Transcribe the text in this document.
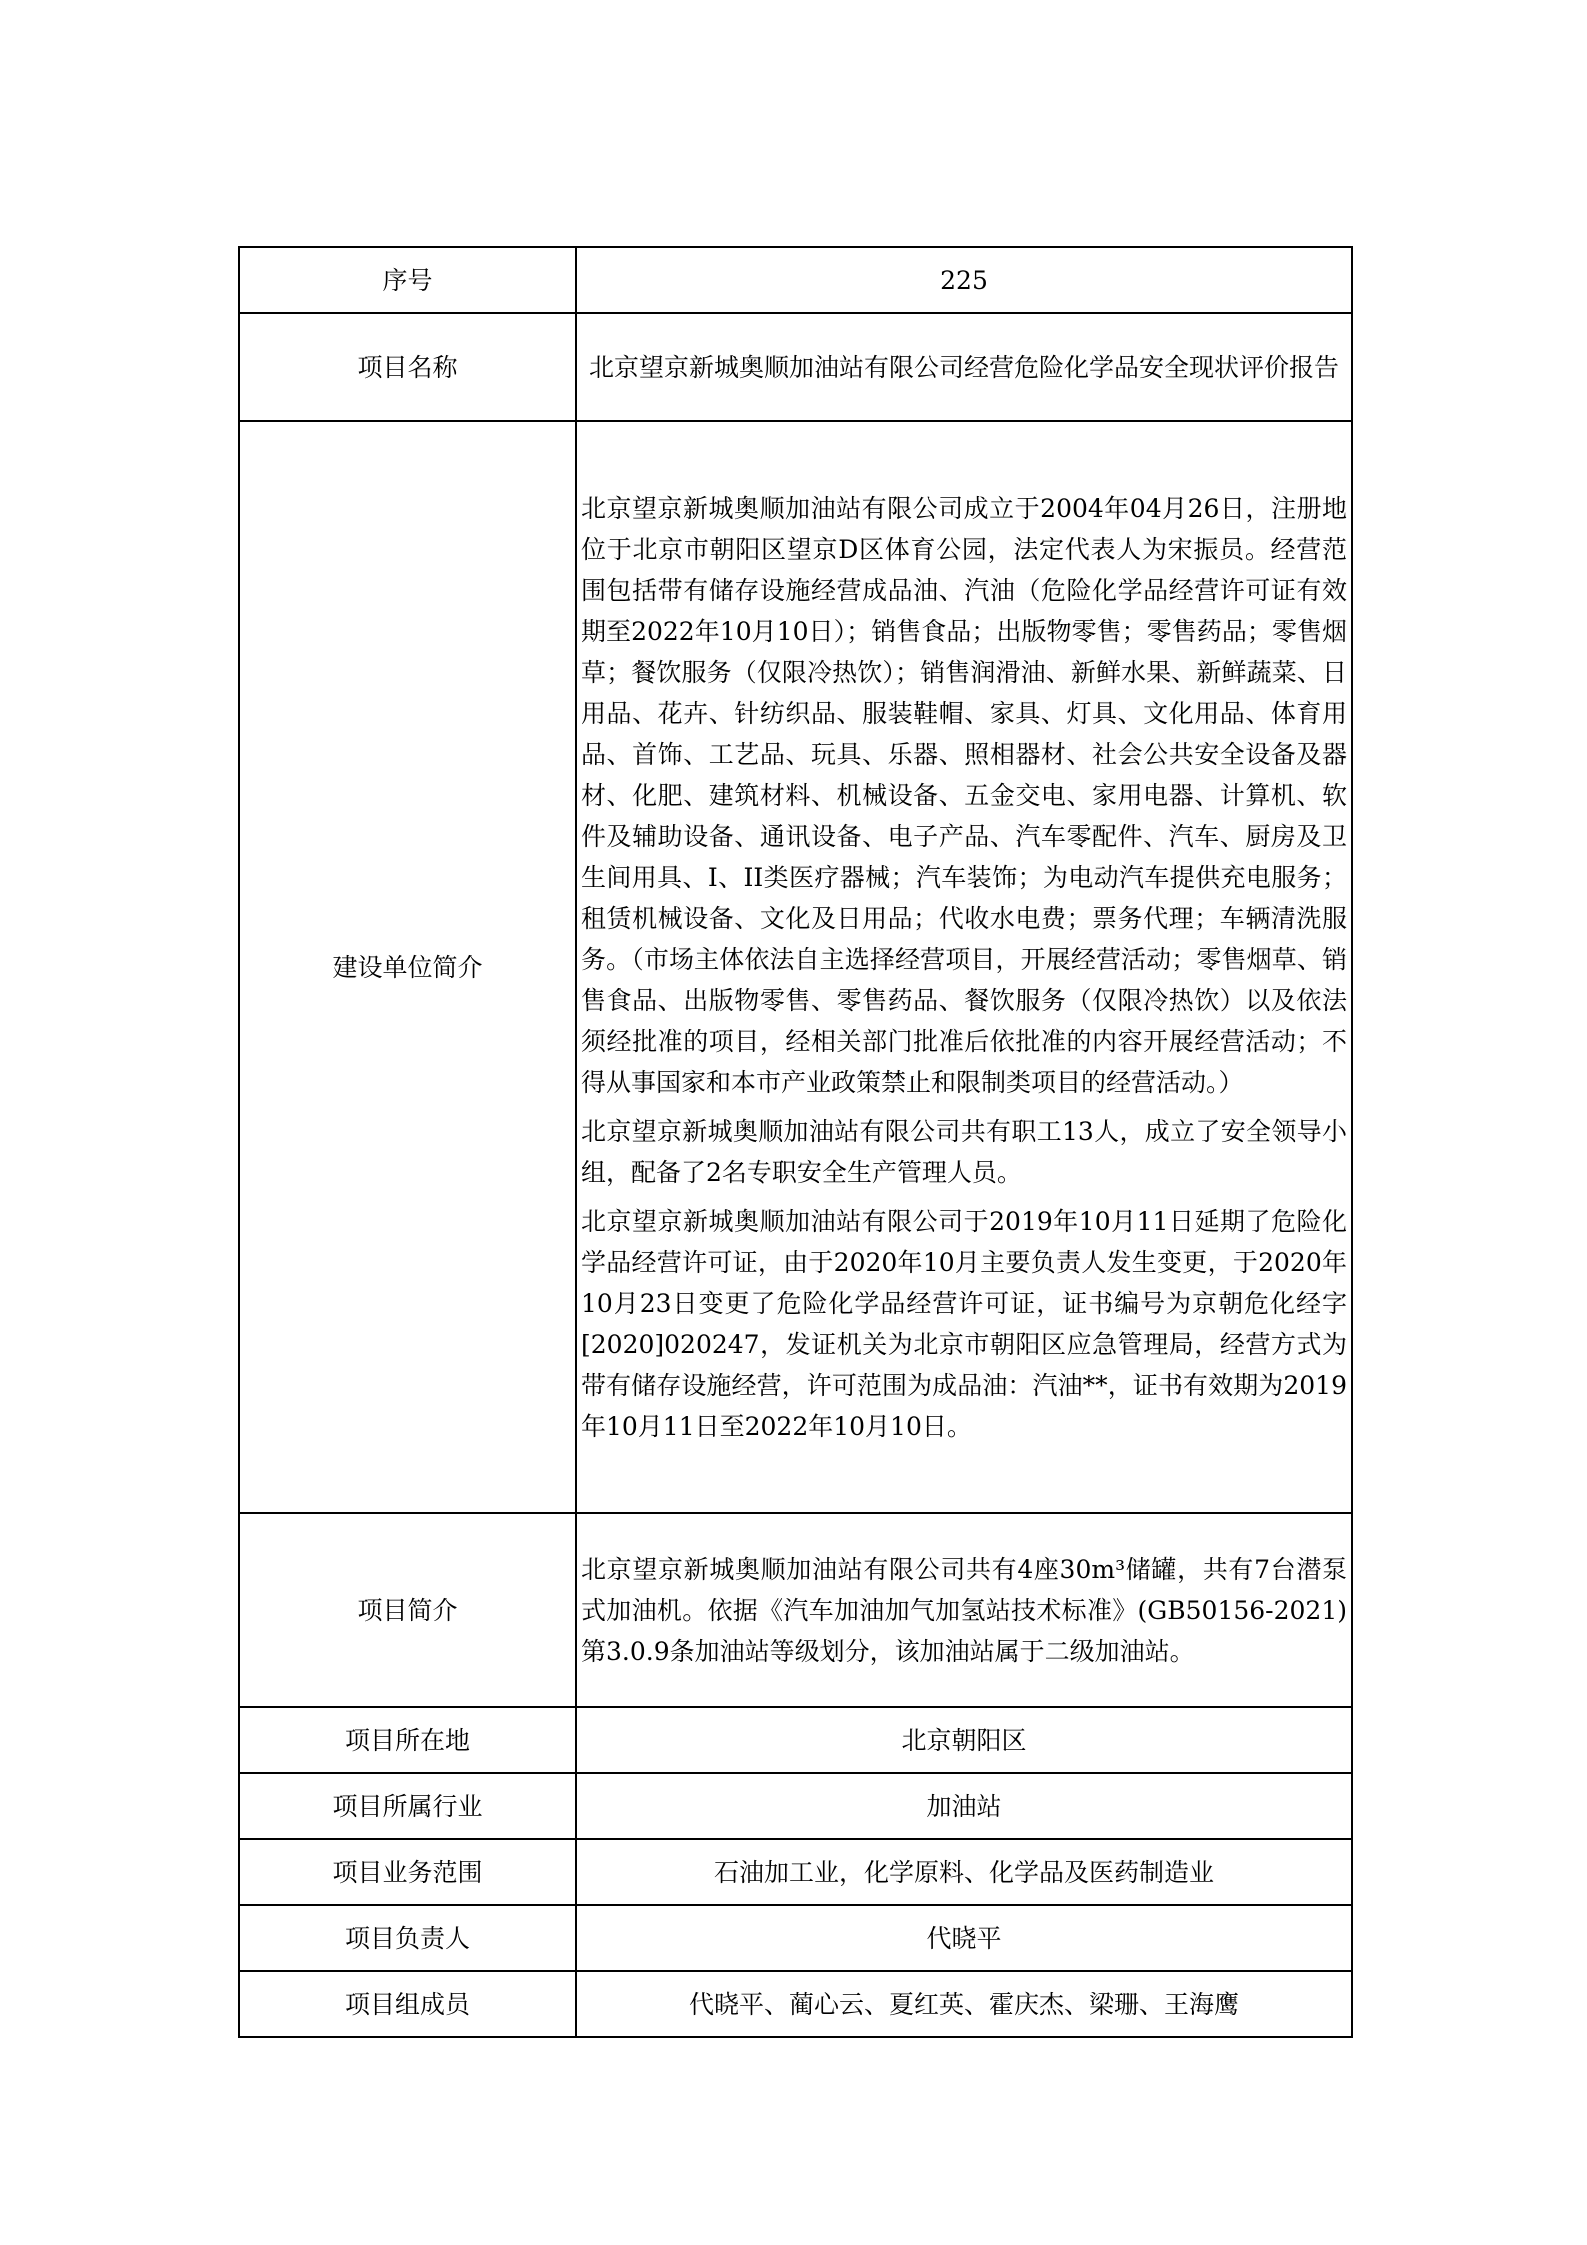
序号	225
项目名称	北京望京新城奥顺加油站有限公司经营危险化学品安全现状评价报告
建设单位简介	北京望京新城奥顺加油站有限公司成立于2004年04月26日，注册地位于北京市朝阳区望京D区体育公园，法定代表人为宋振员。经营范围包括带有储存设施经营成品油、汽油（危险化学品经营许可证有效期至2022年10月10日）；销售食品；出版物零售；零售药品；零售烟草；餐饮服务（仅限冷热饮）；销售润滑油、新鲜水果、新鲜蔬菜、日用品、花卉、针纺织品、服装鞋帽、家具、灯具、文化用品、体育用品、首饰、工艺品、玩具、乐器、照相器材、社会公共安全设备及器材、化肥、建筑材料、机械设备、五金交电、家用电器、计算机、软件及辅助设备、通讯设备、电子产品、汽车零配件、汽车、厨房及卫生间用具、I、II类医疗器械；汽车装饰；为电动汽车提供充电服务；租赁机械设备、文化及日用品；代收水电费；票务代理；车辆清洗服务。（市场主体依法自主选择经营项目，开展经营活动；零售烟草、销售食品、出版物零售、零售药品、餐饮服务（仅限冷热饮）以及依法须经批准的项目，经相关部门批准后依批准的内容开展经营活动；不得从事国家和本市产业政策禁止和限制类项目的经营活动。）

北京望京新城奥顺加油站有限公司共有职工13人，成立了安全领导小组，配备了2名专职安全生产管理人员。

北京望京新城奥顺加油站有限公司于2019年10月11日延期了危险化学品经营许可证，由于2020年10月主要负责人发生变更，于2020年10月23日变更了危险化学品经营许可证，证书编号为京朝危化经字[2020]020247，发证机关为北京市朝阳区应急管理局，经营方式为带有储存设施经营，许可范围为成品油：汽油**，证书有效期为2019年10月11日至2022年10月10日。

项目简介	北京望京新城奥顺加油站有限公司共有4座30m³储罐，共有7台潜泵式加油机。依据《汽车加油加气加氢站技术标准》(GB50156-2021)第3.0.9条加油站等级划分，该加油站属于二级加油站。
项目所在地	北京朝阳区
项目所属行业	加油站
项目业务范围	石油加工业，化学原料、化学品及医药制造业
项目负责人	代晓平
项目组成员	代晓平、蔺心云、夏红英、霍庆杰、梁珊、王海鹰
